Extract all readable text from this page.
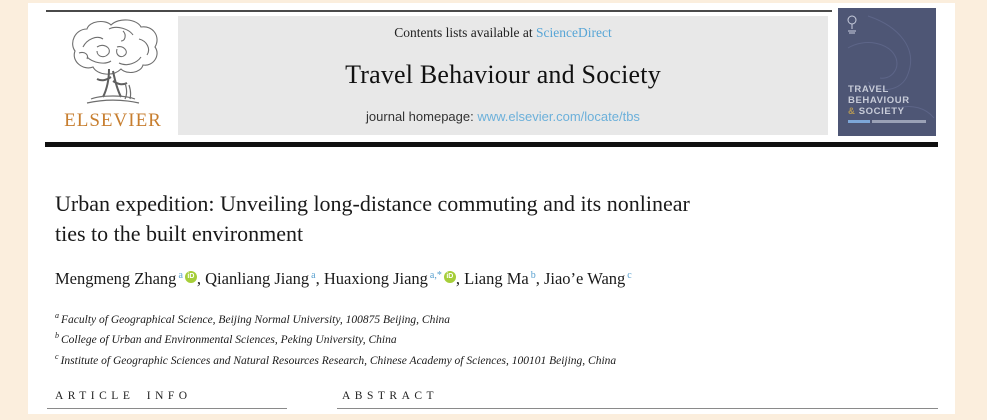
ELSEVIER
Contents lists available at ScienceDirect
Travel Behaviour and Society
journal homepage: www.elsevier.com/locate/tbs
TRAVEL
BEHAVIOUR
& SOCIETY
Urban expedition: Unveiling long-distance commuting and its nonlinear
ties to the built environment
Mengmeng Zhang $^a$ iD , Qianliang Jiang $^a$, Huaxiong Jiang $^{a,*}$ iD , Liang Ma $^b$, Jiao’e Wang $^c$
$^a$ Faculty of Geographical Science, Beijing Normal University, 100875 Beijing, China
$^b$ College of Urban and Environmental Sciences, Peking University, China
$^c$ Institute of Geographic Sciences and Natural Resources Research, Chinese Academy of Sciences, 100101 Beijing, China
ARTICLE INFO	ABSTRACT
